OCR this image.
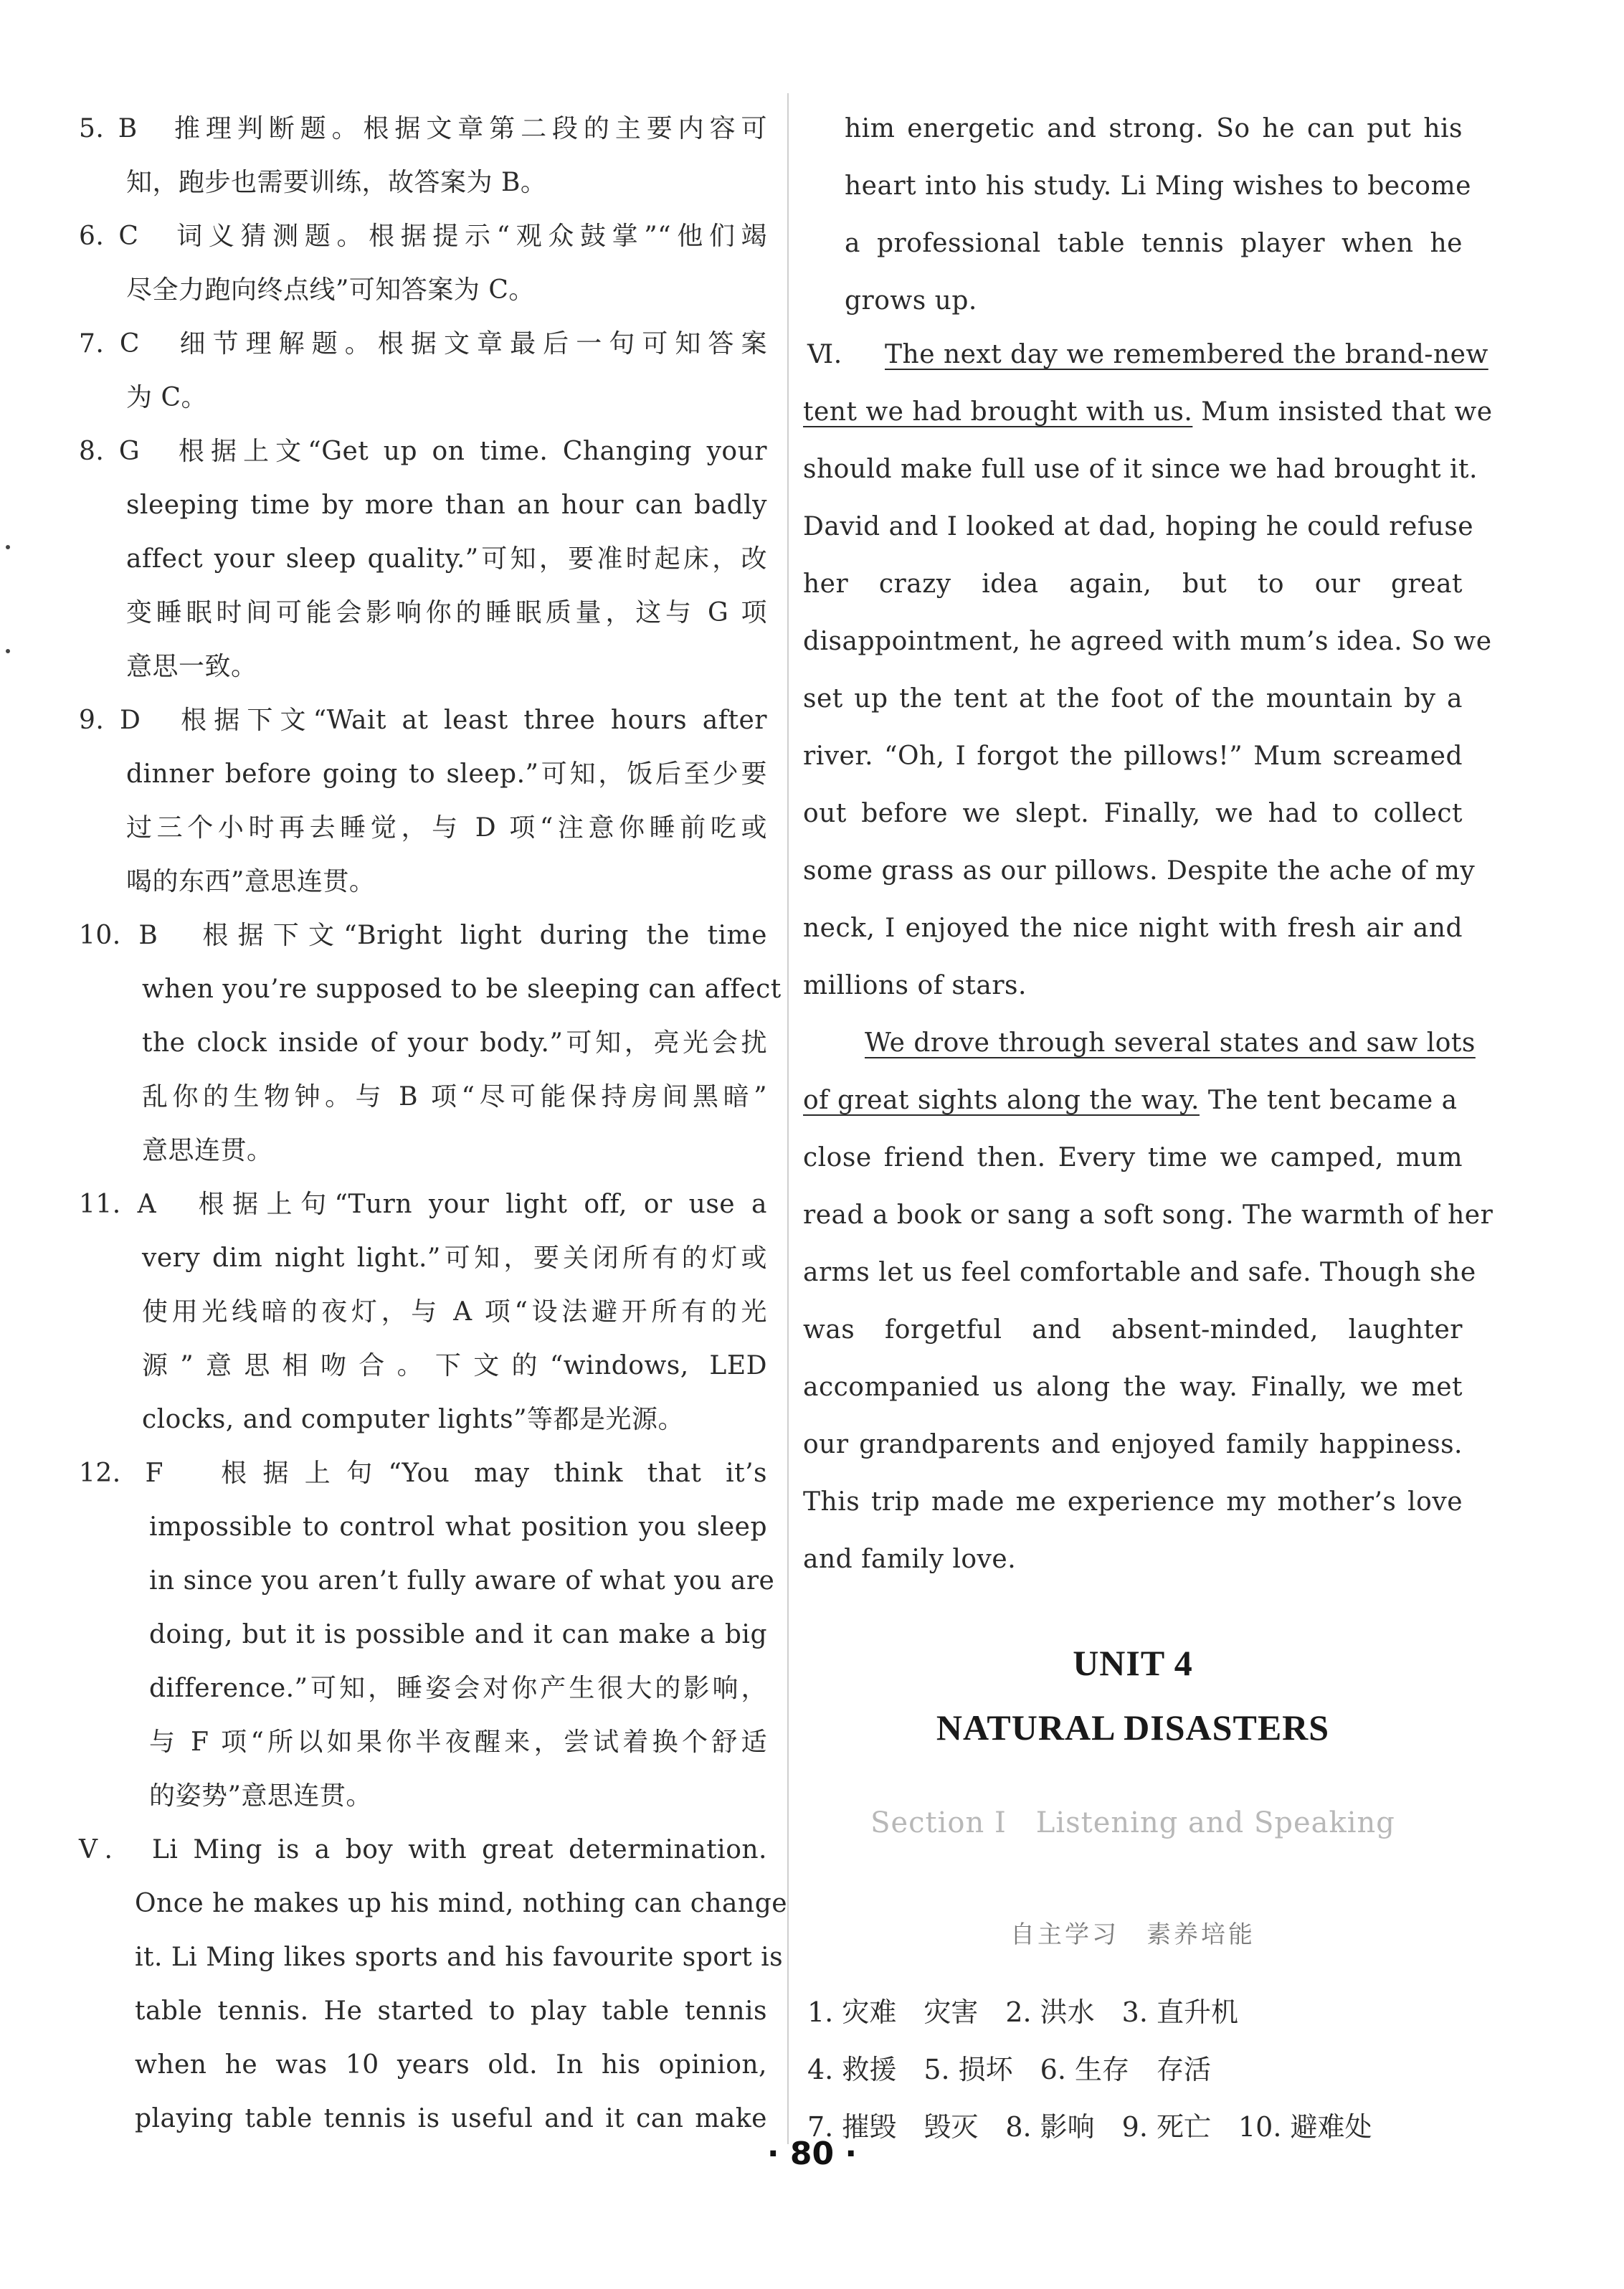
5. B　推理判断题。根据文章第二段的主要内容可
知，跑步也需要训练，故答案为 B。
6. C　词义猜测题。根据提示“观众鼓掌”“他们竭
尽全力跑向终点线”可知答案为 C。
7. C　细节理解题。根据文章最后一句可知答案
为 C。
8. G　根据上文“Get up on time. Changing your
sleeping time by more than an hour can badly
affect your sleep quality.”可知，要准时起床，改
变睡眠时间可能会影响你的睡眠质量，这与 G 项
意思一致。
9. D　根据下文“Wait at least three hours after
dinner before going to sleep.”可知，饭后至少要
过三个小时再去睡觉，与 D 项“注意你睡前吃或
喝的东西”意思连贯。
10. B　根据下文“Bright light during the time
when you’re supposed to be sleeping can affect
the clock inside of your body.”可知，亮光会扰
乱你的生物钟。与 B 项“尽可能保持房间黑暗”
意思连贯。
11. A　根据上句“Turn your light off, or use a
very dim night light.”可知，要关闭所有的灯或
使用光线暗的夜灯，与 A 项“设法避开所有的光
源”意思相吻合。下文的“windows, LED
clocks, and computer lights”等都是光源。
12. F　根据上句“You may think that it’s
impossible to control what position you sleep
in since you aren’t fully aware of what you are
doing, but it is possible and it can make a big
difference.”可知，睡姿会对你产生很大的影响，
与 F 项“所以如果你半夜醒来，尝试着换个舒适
的姿势”意思连贯。
Ⅴ.　Li Ming is a boy with great determination.
Once he makes up his mind, nothing can change
it. Li Ming likes sports and his favourite sport is
table tennis. He started to play table tennis
when he was 10 years old. In his opinion,
playing table tennis is useful and it can make
him energetic and strong. So he can put his
heart into his study. Li Ming wishes to become
a professional table tennis player when he
grows up.
Ⅵ.	The next day we remembered the brand-new
tent we had brought with us. Mum insisted that we
should make full use of it since we had brought it.
David and I looked at dad, hoping he could refuse
her crazy idea again, but to our great
disappointment, he agreed with mum’s idea. So we
set up the tent at the foot of the mountain by a
river. “Oh, I forgot the pillows!” Mum screamed
out before we slept. Finally, we had to collect
some grass as our pillows. Despite the ache of my
neck, I enjoyed the nice night with fresh air and
millions of stars.
We drove through several states and saw lots
of great sights along the way. The tent became a
close friend then. Every time we camped, mum
read a book or sang a soft song. The warmth of her
arms let us feel comfortable and safe. Though she
was forgetful and absent-minded, laughter
accompanied us along the way. Finally, we met
our grandparents and enjoyed family happiness.
This trip made me experience my mother’s love
and family love.
UNIT 4
NATURAL DISASTERS
Section Ⅰ　Listening and Speaking
自主学习　素养培能
1. 灾难　灾害　2. 洪水　3. 直升机
4. 救援　5. 损坏　6. 生存　存活
7. 摧毁　毁灭　8. 影响　9. 死亡　10. 避难处
· 80 ·
